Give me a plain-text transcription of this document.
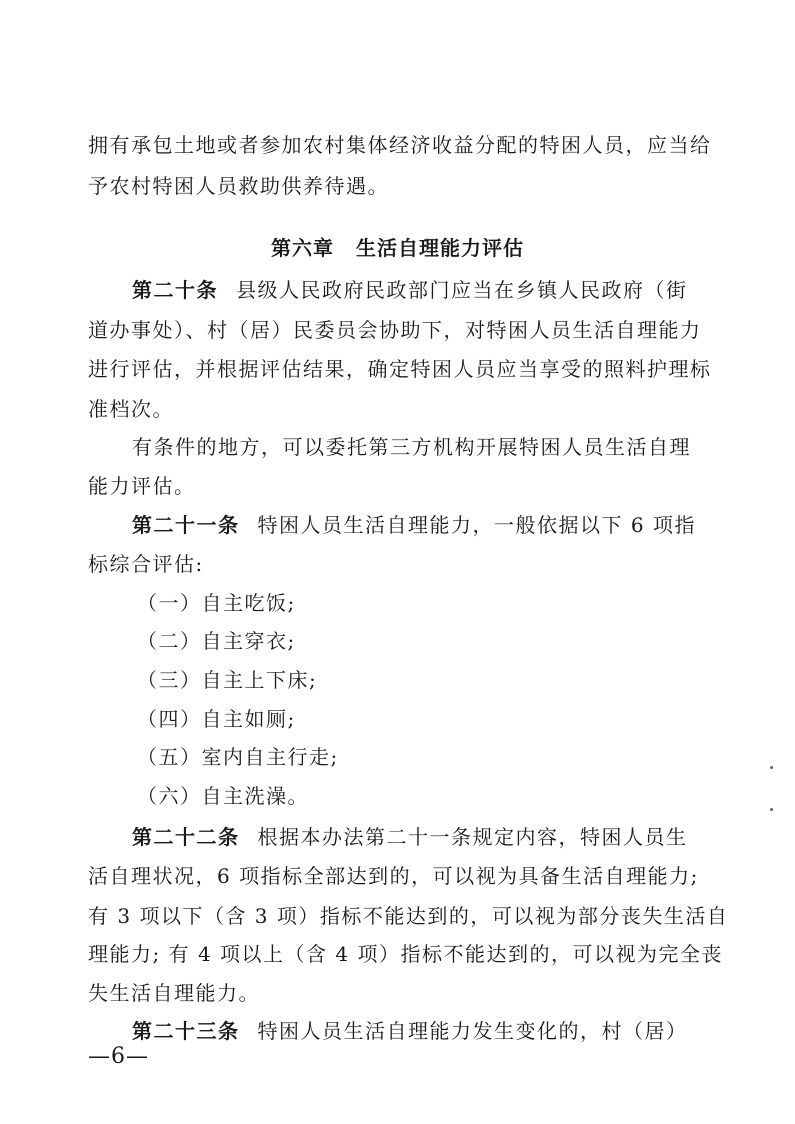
拥有承包土地或者参加农村集体经济收益分配的特困人员，应当给
予农村特困人员救助供养待遇。
第六章 生活自理能力评估
第二十条 县级人民政府民政部门应当在乡镇人民政府（街
道办事处）、村（居）民委员会协助下，对特困人员生活自理能力
进行评估，并根据评估结果，确定特困人员应当享受的照料护理标
准档次。
有条件的地方，可以委托第三方机构开展特困人员生活自理
能力评估。
第二十一条 特困人员生活自理能力，一般依据以下 6 项指
标综合评估:
（一）自主吃饭;
（二）自主穿衣;
（三）自主上下床;
（四）自主如厕;
（五）室内自主行走;
（六）自主洗澡。
第二十二条 根据本办法第二十一条规定内容，特困人员生
活自理状况，6 项指标全部达到的，可以视为具备生活自理能力;
有 3 项以下（含 3 项）指标不能达到的，可以视为部分丧失生活自
理能力; 有 4 项以上（含 4 项）指标不能达到的，可以视为完全丧
失生活自理能力。
第二十三条 特困人员生活自理能力发生变化的，村（居）
—6—
